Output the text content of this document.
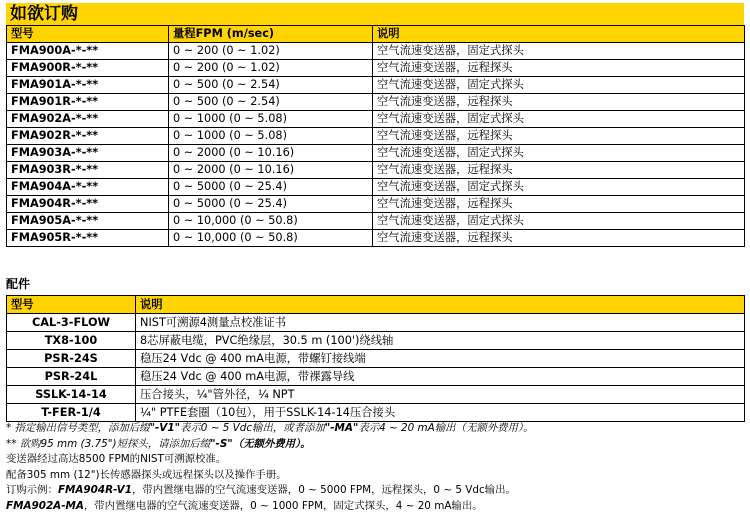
如欲订购
型号	量程FPM (m/sec)	说明
FMA900A-*-**	0 ~ 200 (0 ~ 1.02)	空气流速变送器，固定式探头
FMA900R-*-**	0 ~ 200 (0 ~ 1.02)	空气流速变送器，远程探头
FMA901A-*-**	0 ~ 500 (0 ~ 2.54)	空气流速变送器，固定式探头
FMA901R-*-**	0 ~ 500 (0 ~ 2.54)	空气流速变送器，远程探头
FMA902A-*-**	0 ~ 1000 (0 ~ 5.08)	空气流速变送器，固定式探头
FMA902R-*-**	0 ~ 1000 (0 ~ 5.08)	空气流速变送器，远程探头
FMA903A-*-**	0 ~ 2000 (0 ~ 10.16)	空气流速变送器，固定式探头
FMA903R-*-**	0 ~ 2000 (0 ~ 10.16)	空气流速变送器，远程探头
FMA904A-*-**	0 ~ 5000 (0 ~ 25.4)	空气流速变送器，固定式探头
FMA904R-*-**	0 ~ 5000 (0 ~ 25.4)	空气流速变送器，远程探头
FMA905A-*-**	0 ~ 10,000 (0 ~ 50.8)	空气流速变送器，固定式探头
FMA905R-*-**	0 ~ 10,000 (0 ~ 50.8)	空气流速变送器，远程探头
配件
型号	说明
CAL-3-FLOW	NIST可溯源4测量点校准证书
TX8-100	8芯屏蔽电缆，PVC绝缘层，30.5 m (100')绕线轴
PSR-24S	稳压24 Vdc @ 400 mA电源，带螺钉接线端
PSR-24L	稳压24 Vdc @ 400 mA电源，带裸露导线
SSLK-14-14	压合接头，¼"管外径，¼ NPT
T-FER-1/4	¼" PTFE套圈（10包），用于SSLK-14-14压合接头
* 指定输出信号类型，添加后缀"-V1"表示0 ~ 5 Vdc输出，或者添加"-MA"表示4 ~ 20 mA输出（无额外费用）。
** 欲购95 mm (3.75")短探头，请添加后缀"-S"（无额外费用）。
变送器经过高达8500 FPM的NIST可溯源校准。
配备305 mm (12")长传感器探头或远程探头以及操作手册。
订购示例：FMA904R-V1，带内置继电器的空气流速变送器，0 ~ 5000 FPM，远程探头，0 ~ 5 Vdc输出。
FMA902A-MA，带内置继电器的空气流速变送器，0 ~ 1000 FPM，固定式探头，4 ~ 20 mA输出。
